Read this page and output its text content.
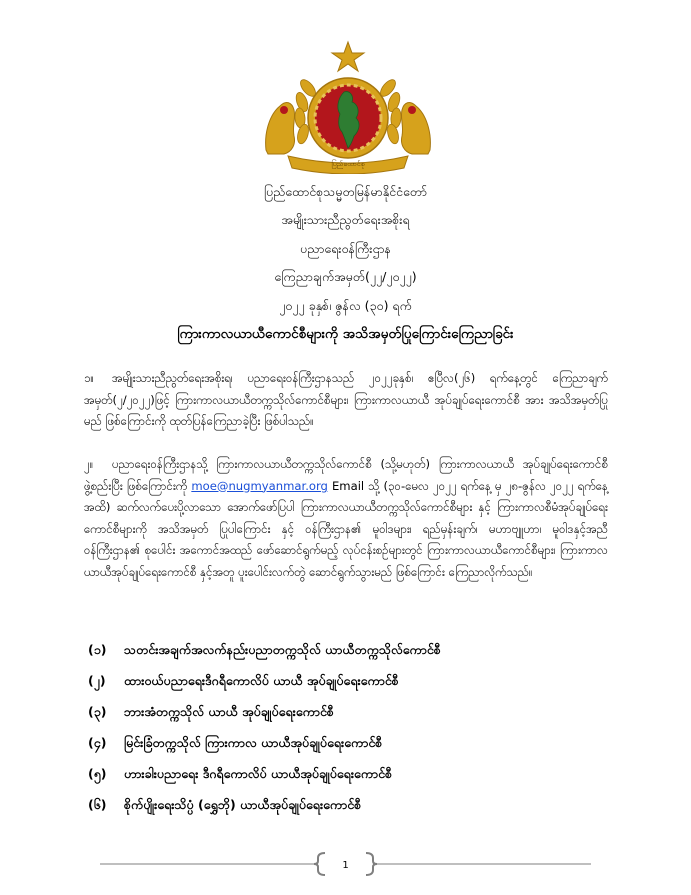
ပြည်ထောင်စု
ပြည်ထောင်စုသမ္မတမြန်မာနိုင်ငံတော်
အမျိုးသားညီညွတ်ရေးအစိုးရ
ပညာရေးဝန်ကြီးဌာန
ကြေညာချက်အမှတ်(၂၂/၂၀၂၂)
၂၀၂၂ ခုနှစ်၊ ဇွန်လ (၃၀) ရက်
ကြားကာလယာယီကောင်စီများကို အသိအမှတ်ပြုကြောင်းကြေညာခြင်း
၁။ အမျိုးသားညီညွတ်ရေးအစိုးရ၊ ပညာရေးဝန်ကြီးဌာနသည် ၂၀၂၂ခုနှစ်၊ ဧပြီလ(၂၆) ရက်နေ့တွင် ကြေညာချက်အမှတ်(၂/၂၀၂၂)ဖြင့် ကြားကာလယာယီတက္ကသိုလ်ကောင်စီများ၊ ကြားကာလယာယီ အုပ်ချုပ်ရေးကောင်စီ အား အသိအမှတ်ပြုမည် ဖြစ်ကြောင်းကို ထုတ်ပြန်ကြေညာခဲ့ပြီး ဖြစ်ပါသည်။
၂။ ပညာရေးဝန်ကြီးဌာနသို့ ကြားကာလယာယီတက္ကသိုလ်ကောင်စီ (သို့မဟုတ်) ကြားကာလယာယီ အုပ်ချုပ်ရေးကောင်စီ ဖွဲ့စည်းပြီး ဖြစ်ကြောင်းကို moe@nugmyanmar.org Email သို့ (၃၀-မေလ ၂၀၂၂ ရက်နေ့ မှ ၂၈-ဇွန်လ ၂၀၂၂ ရက်နေ့အထိ) ဆက်လက်ပေးပို့လာသော အောက်ဖော်ပြပါ ကြားကာလယာယီတက္ကသိုလ်ကောင်စီများ နှင့် ကြားကာလစီမံအုပ်ချုပ်ရေးကောင်စီများကို အသိအမှတ် ပြုပါကြောင်း နှင့် ဝန်ကြီးဌာန၏ မူဝါဒများ၊ ရည်မှန်းချက်၊ မဟာဗျူဟာ၊ မူဝါဒနှင့်အညီ ဝန်ကြီးဌာန၏ စုပေါင်း အကောင်အထည် ဖော်ဆောင်ရွက်မည့် လုပ်ငန်းစဉ်များတွင် ကြားကာလယာယီကောင်စီများ၊ ကြားကာလယာယီအုပ်ချုပ်ရေးကောင်စီ နှင့်အတူ ပူးပေါင်းလက်တွဲ ဆောင်ရွက်သွားမည် ဖြစ်ကြောင်း ကြေညာလိုက်သည်။
(၁) သတင်းအချက်အလက်နည်းပညာတက္ကသိုလ် ယာယီတက္ကသိုလ်ကောင်စီ
(၂) ထားဝယ်ပညာရေးဒီဂရီကောလိပ် ယာယီ အုပ်ချုပ်ရေးကောင်စီ
(၃) ဘားအံတက္ကသိုလ် ယာယီ အုပ်ချုပ်ရေးကောင်စီ
(၄) မြင်းခြံတက္ကသိုလ် ကြားကာလ ယာယီအုပ်ချုပ်ရေးကောင်စီ
(၅) ဟားခါးပညာရေး ဒီဂရီကောလိပ် ယာယီအုပ်ချုပ်ရေးကောင်စီ
(၆) စိုက်ပျိုးရေးသိပ္ပံ (ရွှေဘို) ယာယီအုပ်ချုပ်ရေးကောင်စီ
1
